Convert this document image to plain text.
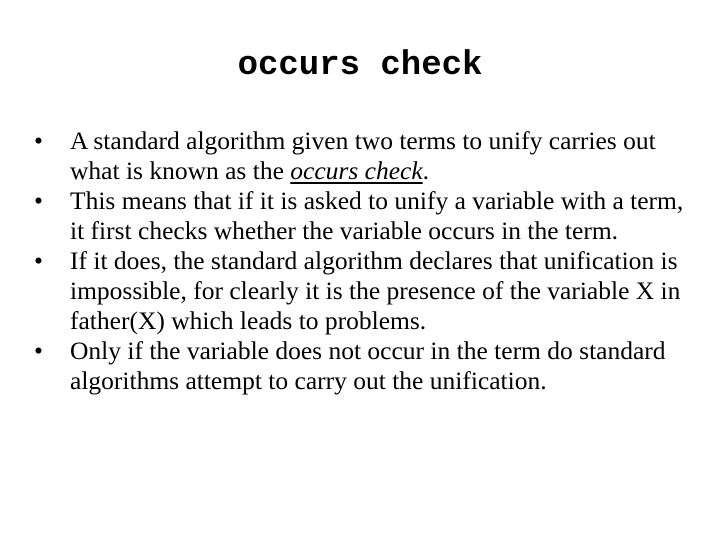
occurs check
•	A standard algorithm given two terms to unify carries out what is known as the occurs check.
•	This means that if it is asked to unify a variable with a term, it first checks whether the variable occurs in the term.
•	If it does, the standard algorithm declares that unification is impossible, for clearly it is the presence of the variable X in father(X) which leads to problems.
•	Only if the variable does not occur in the term do standard algorithms attempt to carry out the unification.
